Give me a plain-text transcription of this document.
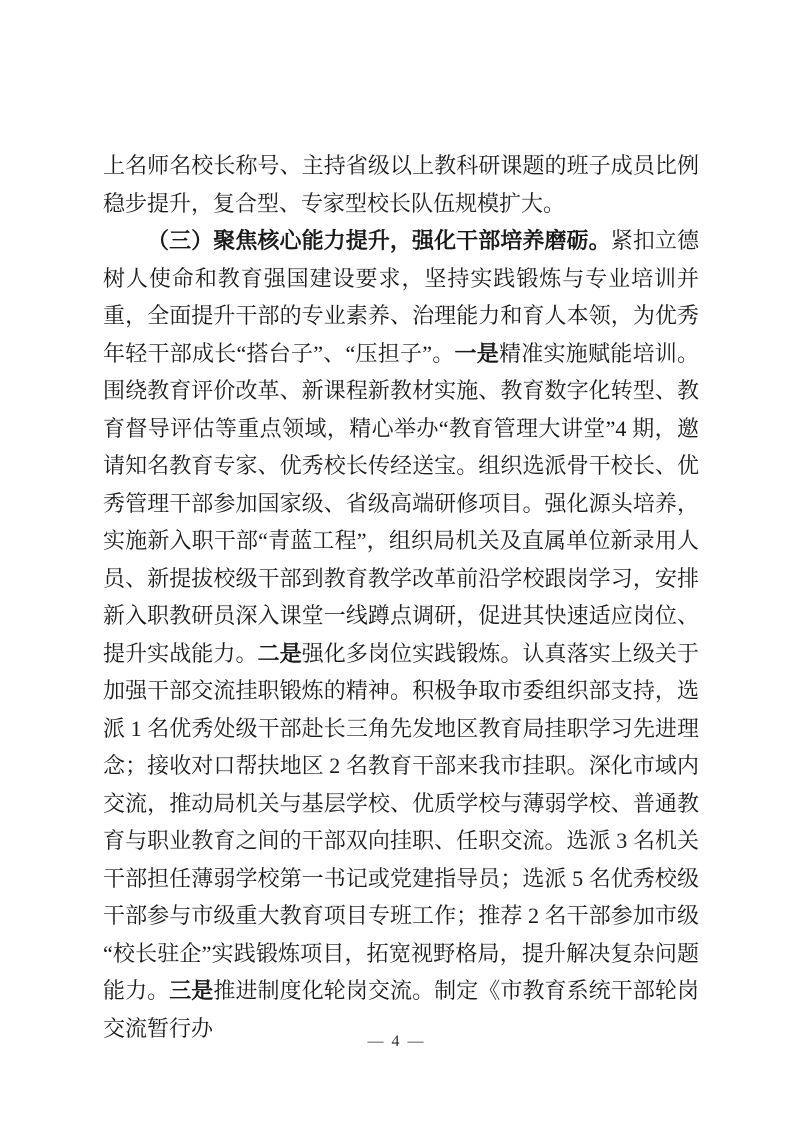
上名师名校长称号、主持省级以上教科研课题的班子成员比例稳步提升，复合型、专家型校长队伍规模扩大。

（三）聚焦核心能力提升，强化干部培养磨砺。紧扣立德树人使命和教育强国建设要求，坚持实践锻炼与专业培训并重，全面提升干部的专业素养、治理能力和育人本领，为优秀年轻干部成长“搭台子”、“压担子”。一是精准实施赋能培训。围绕教育评价改革、新课程新教材实施、教育数字化转型、教育督导评估等重点领域，精心举办“教育管理大讲堂”4 期，邀请知名教育专家、优秀校长传经送宝。组织选派骨干校长、优秀管理干部参加国家级、省级高端研修项目。强化源头培养，实施新入职干部“青蓝工程”，组织局机关及直属单位新录用人员、新提拔校级干部到教育教学改革前沿学校跟岗学习，安排新入职教研员深入课堂一线蹲点调研，促进其快速适应岗位、提升实战能力。二是强化多岗位实践锻炼。认真落实上级关于加强干部交流挂职锻炼的精神。积极争取市委组织部支持，选派 1 名优秀处级干部赴长三角先发地区教育局挂职学习先进理念；接收对口帮扶地区 2 名教育干部来我市挂职。深化市域内交流，推动局机关与基层学校、优质学校与薄弱学校、普通教育与职业教育之间的干部双向挂职、任职交流。选派 3 名机关干部担任薄弱学校第一书记或党建指导员；选派 5 名优秀校级干部参与市级重大教育项目专班工作；推荐 2 名干部参加市级“校长驻企”实践锻炼项目，拓宽视野格局，提升解决复杂问题能力。三是推进制度化轮岗交流。制定《市教育系统干部轮岗交流暂行办

— 4 —
